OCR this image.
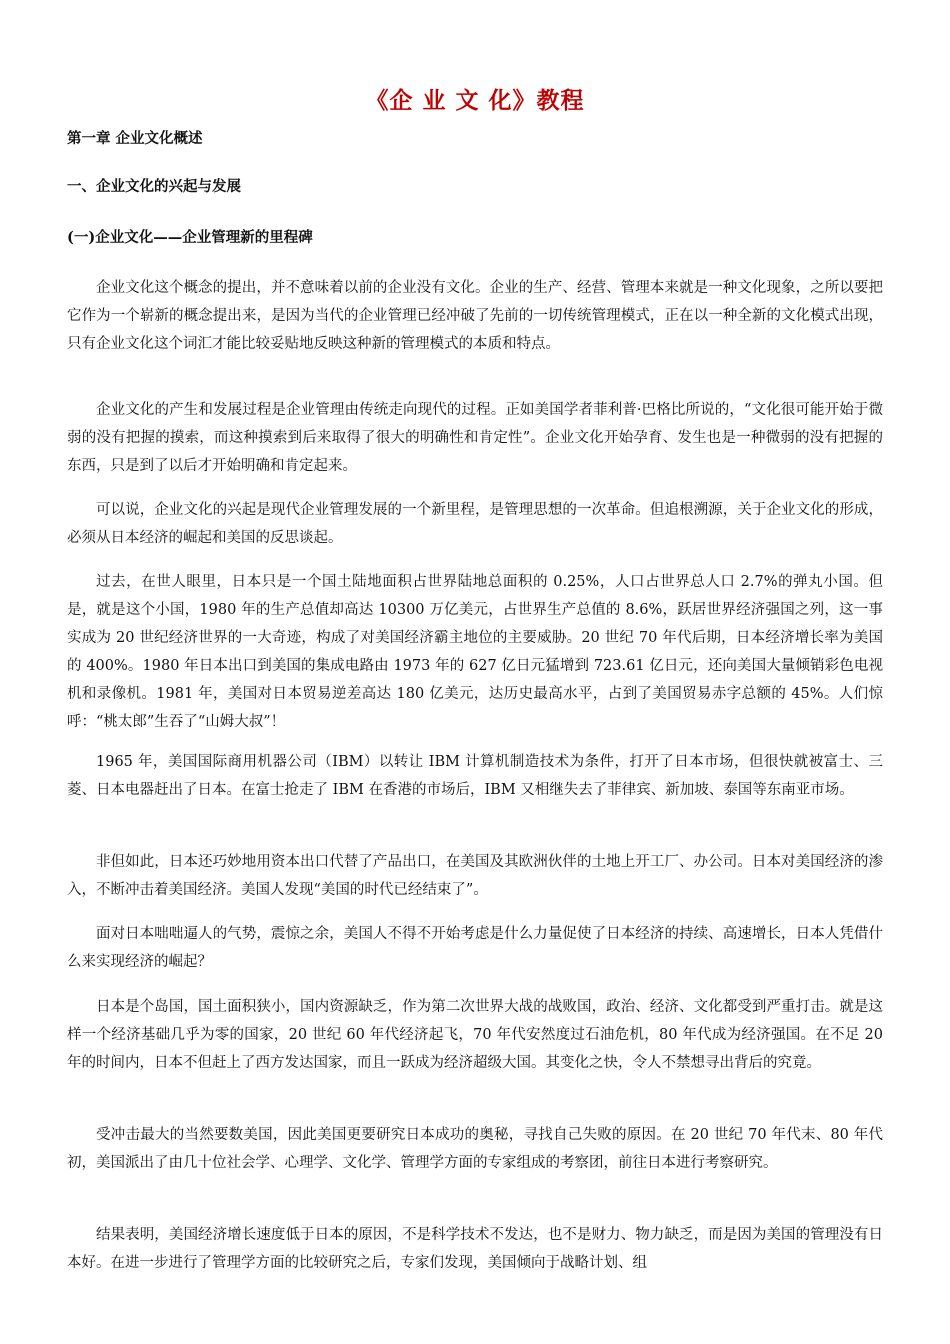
《企 业 文 化》教程
第一章 企业文化概述
一、企业文化的兴起与发展
(一)企业文化——企业管理新的里程碑

企业文化这个概念的提出，并不意味着以前的企业没有文化。企业的生产、经营、管理本来就是一种文化现象，之所以要把它作为一个崭新的概念提出来，是因为当代的企业管理已经冲破了先前的一切传统管理模式，正在以一种全新的文化模式出现，只有企业文化这个词汇才能比较妥贴地反映这种新的管理模式的本质和特点。

企业文化的产生和发展过程是企业管理由传统走向现代的过程。正如美国学者菲利普·巴格比所说的，“文化很可能开始于微弱的没有把握的摸索，而这种摸索到后来取得了很大的明确性和肯定性”。企业文化开始孕育、发生也是一种微弱的没有把握的东西，只是到了以后才开始明确和肯定起来。

可以说，企业文化的兴起是现代企业管理发展的一个新里程，是管理思想的一次革命。但追根溯源，关于企业文化的形成，必须从日本经济的崛起和美国的反思谈起。

过去，在世人眼里，日本只是一个国土陆地面积占世界陆地总面积的 0.25%，人口占世界总人口 2.7%的弹丸小国。但是，就是这个小国，1980 年的生产总值却高达 10300 万亿美元，占世界生产总值的 8.6%，跃居世界经济强国之列，这一事实成为 20 世纪经济世界的一大奇迹，构成了对美国经济霸主地位的主要威胁。20 世纪 70 年代后期，日本经济增长率为美国的 400%。1980 年日本出口到美国的集成电路由 1973 年的 627 亿日元猛增到 723.61 亿日元，还向美国大量倾销彩色电视机和录像机。1981 年，美国对日本贸易逆差高达 180 亿美元，达历史最高水平，占到了美国贸易赤字总额的 45%。人们惊呼：“桃太郎”生吞了“山姆大叔”！

1965 年，美国国际商用机器公司（IBM）以转让 IBM 计算机制造技术为条件，打开了日本市场，但很快就被富士、三菱、日本电器赶出了日本。在富士抢走了 IBM 在香港的市场后，IBM 又相继失去了菲律宾、新加坡、泰国等东南亚市场。

非但如此，日本还巧妙地用资本出口代替了产品出口，在美国及其欧洲伙伴的土地上开工厂、办公司。日本对美国经济的渗入，不断冲击着美国经济。美国人发现“美国的时代已经结束了”。

面对日本咄咄逼人的气势，震惊之余，美国人不得不开始考虑是什么力量促使了日本经济的持续、高速增长，日本人凭借什么来实现经济的崛起？

日本是个岛国，国土面积狭小，国内资源缺乏，作为第二次世界大战的战败国，政治、经济、文化都受到严重打击。就是这样一个经济基础几乎为零的国家，20 世纪 60 年代经济起飞，70 年代安然度过石油危机，80 年代成为经济强国。在不足 20 年的时间内，日本不但赶上了西方发达国家，而且一跃成为经济超级大国。其变化之快，令人不禁想寻出背后的究竟。

受冲击最大的当然要数美国，因此美国更要研究日本成功的奥秘，寻找自己失败的原因。在 20 世纪 70 年代末、80 年代初，美国派出了由几十位社会学、心理学、文化学、管理学方面的专家组成的考察团，前往日本进行考察研究。

结果表明，美国经济增长速度低于日本的原因，不是科学技术不发达，也不是财力、物力缺乏，而是因为美国的管理没有日本好。在进一步进行了管理学方面的比较研究之后，专家们发现，美国倾向于战略计划、组
